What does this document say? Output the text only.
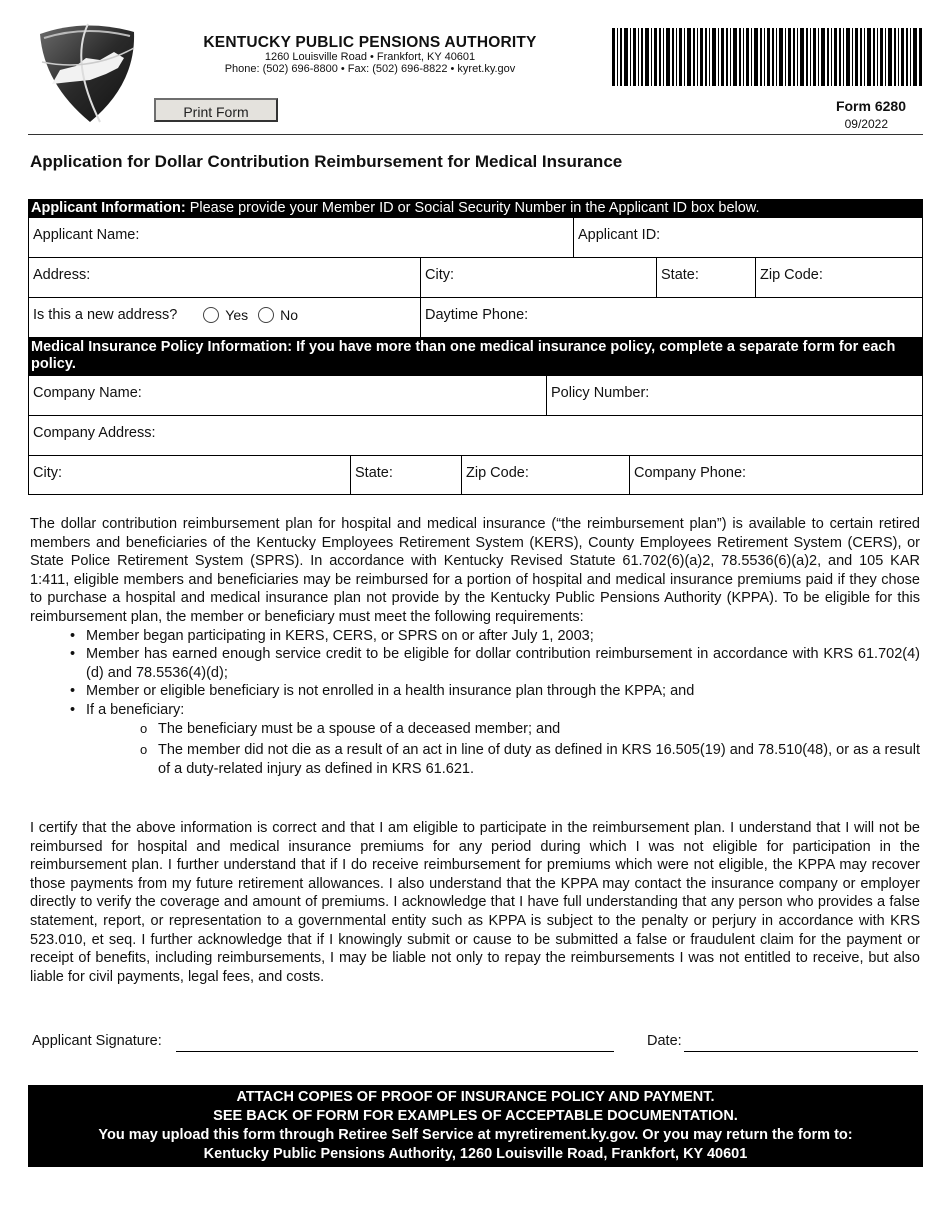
KENTUCKY PUBLIC PENSIONS AUTHORITY
1260 Louisville Road • Frankfort, KY 40601
Phone: (502) 696-8800 • Fax: (502) 696-8822 • kyret.ky.gov
Print Form	Form 6280
09/2022
Application for Dollar Contribution Reimbursement for Medical Insurance
Applicant Information: Please provide your Member ID or Social Security Number in the Applicant ID box below.
Applicant Name:	Applicant ID:
Address:	City:	State:	Zip Code:
Is this a new address?	Yes No	Daytime Phone:
Medical Insurance Policy Information: If you have more than one medical insurance policy, complete a separate form for each policy.
Company Name:	Policy Number:
Company Address:
City:	State:	Zip Code:	Company Phone:
The dollar contribution reimbursement plan for hospital and medical insurance (“the reimbursement plan”) is available to certain retired members and beneficiaries of the Kentucky Employees Retirement System (KERS), County Employees Retirement System (CERS), or State Police Retirement System (SPRS). In accordance with Kentucky Revised Statute 61.702(6)(a)2, 78.5536(6)(a)2, and 105 KAR 1:411, eligible members and beneficiaries may be reimbursed for a portion of hospital and medical insurance premiums paid if they chose to purchase a hospital and medical insurance plan not provide by the Kentucky Public Pensions Authority (KPPA). To be eligible for this reimbursement plan, the member or beneficiary must meet the following requirements:
• Member began participating in KERS, CERS, or SPRS on or after July 1, 2003;
• Member has earned enough service credit to be eligible for dollar contribution reimbursement in accordance with KRS 61.702(4)(d) and 78.5536(4)(d);
• Member or eligible beneficiary is not enrolled in a health insurance plan through the KPPA; and
• If a beneficiary:
o The beneficiary must be a spouse of a deceased member; and
o The member did not die as a result of an act in line of duty as defined in KRS 16.505(19) and 78.510(48), or as a result of a duty-related injury as defined in KRS 61.621.
I certify that the above information is correct and that I am eligible to participate in the reimbursement plan. I understand that I will not be reimbursed for hospital and medical insurance premiums for any period during which I was not eligible for participation in the reimbursement plan. I further understand that if I do receive reimbursement for premiums which were not eligible, the KPPA may recover those payments from my future retirement allowances. I also understand that the KPPA may contact the insurance company or employer directly to verify the coverage and amount of premiums. I acknowledge that I have full understanding that any person who provides a false statement, report, or representation to a governmental entity such as KPPA is subject to the penalty or perjury in accordance with KRS 523.010, et seq. I further acknowledge that if I knowingly submit or cause to be submitted a false or fraudulent claim for the payment or receipt of benefits, including reimbursements, I may be liable not only to repay the reimbursements I was not entitled to receive, but also liable for civil payments, legal fees, and costs.
Applicant Signature:	Date:
ATTACH COPIES OF PROOF OF INSURANCE POLICY AND PAYMENT.
SEE BACK OF FORM FOR EXAMPLES OF ACCEPTABLE DOCUMENTATION.
You may upload this form through Retiree Self Service at myretirement.ky.gov. Or you may return the form to:
Kentucky Public Pensions Authority, 1260 Louisville Road, Frankfort, KY 40601
